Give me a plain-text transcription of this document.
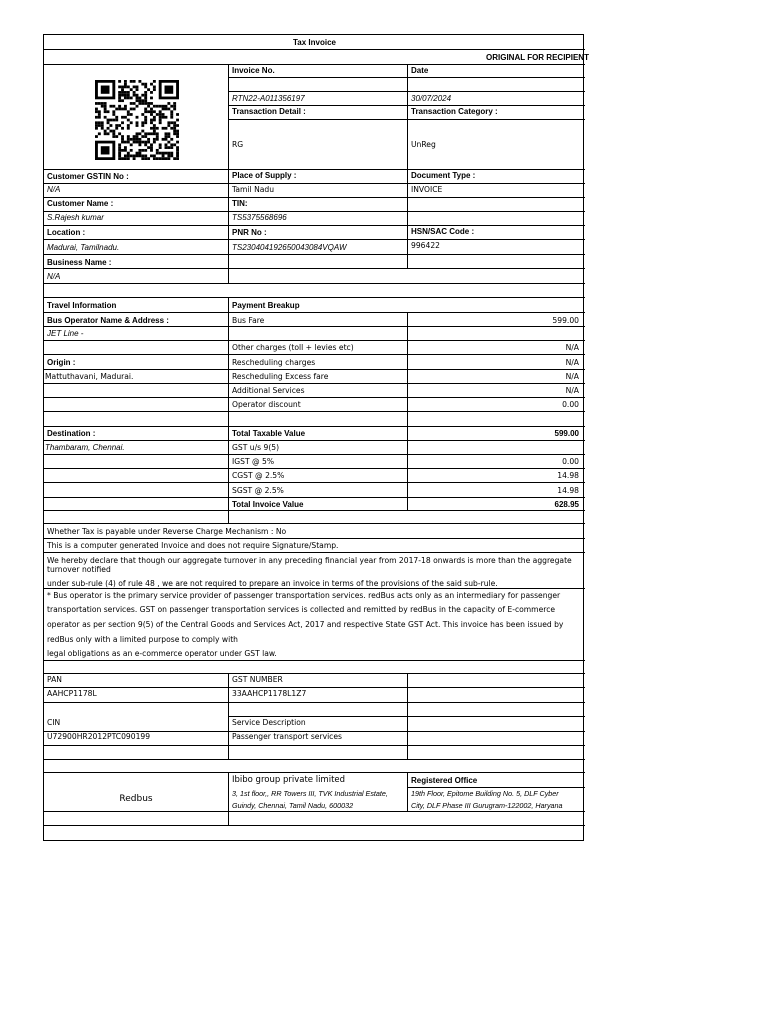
Tax Invoice
ORIGINAL FOR RECIPIENT
Invoice No.	Date
RTN22-A011356197	30/07/2024
Transaction Detail :	Transaction Category :
RG	UnReg
Customer GSTIN No :	Place of Supply :	Document Type :
N/A	Tamil Nadu	INVOICE
Customer Name :	TIN:
S.Rajesh kumar	TS5375568696
Location :	PNR No :	HSN/SAC Code :
Madurai, Tamilnadu.	TS230404192650043084VQAW	996422
Business Name :
N/A
Travel Information	Payment Breakup
Bus Operator Name & Address :	Bus Fare	599.00
JET Line -
Other charges (toll + levies etc)	N/A
Origin :	Rescheduling charges	N/A
Mattuthavani, Madurai.	Rescheduling Excess fare	N/A
Additional Services	N/A
Operator discount	0.00
Destination :	Total Taxable Value	599.00
Thambaram, Chennai.	GST u/s 9(5)
IGST @ 5%	0.00
CGST @ 2.5%	14.98
SGST @ 2.5%	14.98
Total Invoice Value	628.95
Whether Tax is payable under Reverse Charge Mechanism : No
This is a computer generated Invoice and does not require Signature/Stamp.
We hereby declare that though our aggregate turnover in any preceding financial year from 2017-18 onwards is more than the aggregate
turnover notified
under sub-rule (4) of rule 48 , we are not required to prepare an invoice in terms of the provisions of the said sub-rule.
* Bus operator is the primary service provider of passenger transportation services. redBus acts only as an intermediary for passenger
transportation services. GST on passenger transportation services is collected and remitted by redBus in the capacity of E-commerce
operator as per section 9(5) of the Central Goods and Services Act, 2017 and respective State GST Act. This invoice has been issued by
redBus only with a limited purpose to comply with
legal obligations as an e-commerce operator under GST law.
PAN	GST NUMBER
AAHCP1178L	33AAHCP1178L1Z7
CIN	Service Description
U72900HR2012PTC090199	Passenger transport services
Redbus
Ibibo group private limited
3, 1st floor,, RR Towers III, TVK Industrial Estate,
Guindy, Chennai, Tamil Nadu, 600032
Registered Office
19th Floor, Epitome Building No. 5, DLF Cyber
City, DLF Phase III Gurugram-122002, Haryana
